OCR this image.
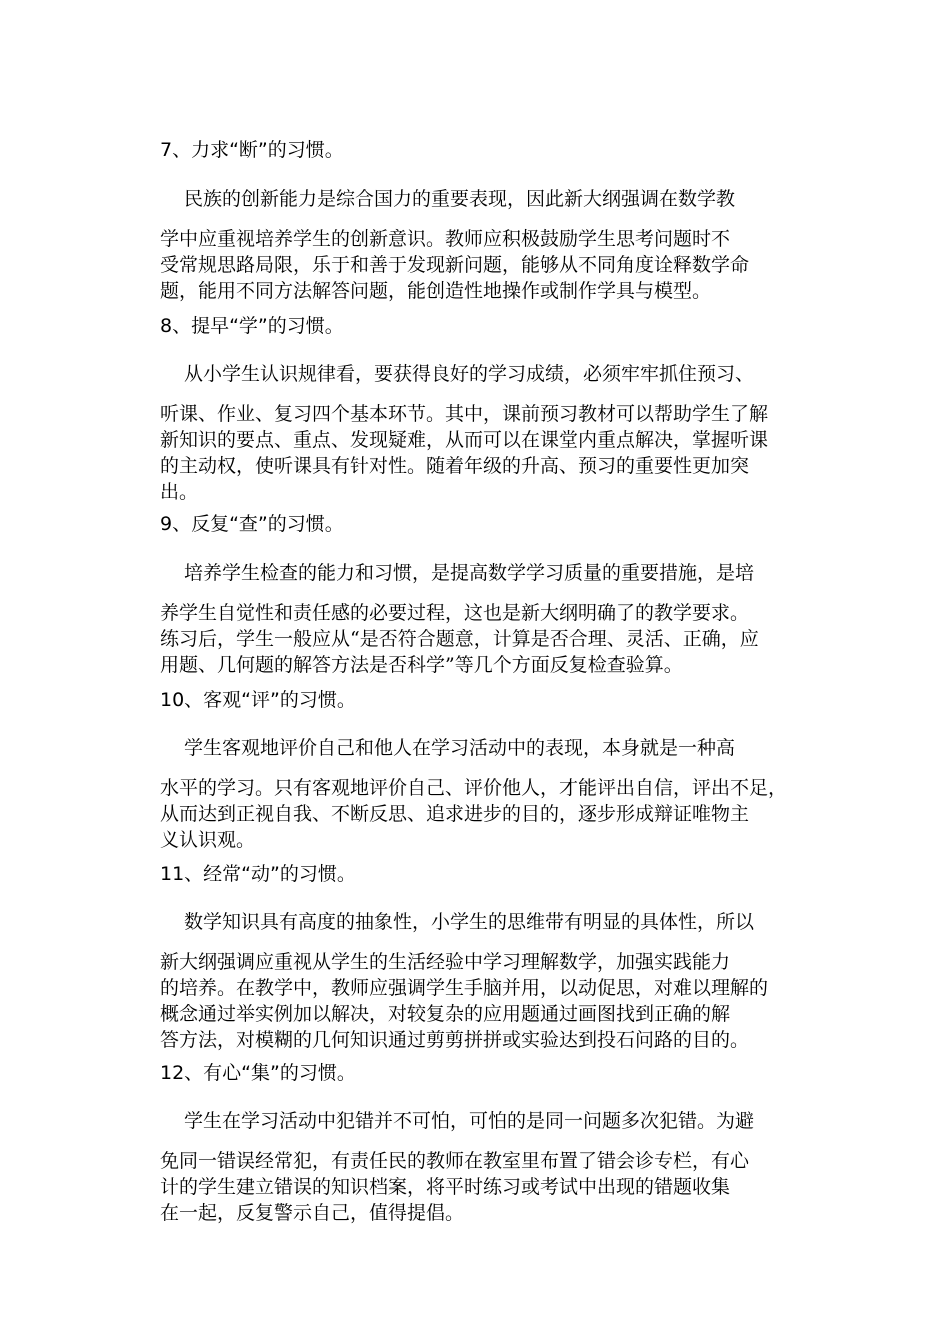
7、力求“断”的习惯。
民族的创新能力是综合国力的重要表现，因此新大纲强调在数学教
学中应重视培养学生的创新意识。教师应积极鼓励学生思考问题时不
受常规思路局限，乐于和善于发现新问题，能够从不同角度诠释数学命
题，能用不同方法解答问题，能创造性地操作或制作学具与模型。
8、提早“学”的习惯。
从小学生认识规律看，要获得良好的学习成绩，必须牢牢抓住预习、
听课、作业、复习四个基本环节。其中，课前预习教材可以帮助学生了解
新知识的要点、重点、发现疑难，从而可以在课堂内重点解决，掌握听课
的主动权，使听课具有针对性。随着年级的升高、预习的重要性更加突
出。
9、反复“查”的习惯。
培养学生检查的能力和习惯，是提高数学学习质量的重要措施，是培
养学生自觉性和责任感的必要过程，这也是新大纲明确了的教学要求。
练习后，学生一般应从“是否符合题意，计算是否合理、灵活、正确，应
用题、几何题的解答方法是否科学”等几个方面反复检查验算。
10、客观“评”的习惯。
学生客观地评价自己和他人在学习活动中的表现，本身就是一种高
水平的学习。只有客观地评价自己、评价他人，才能评出自信，评出不足，
从而达到正视自我、不断反思、追求进步的目的，逐步形成辩证唯物主
义认识观。
11、经常“动”的习惯。
数学知识具有高度的抽象性，小学生的思维带有明显的具体性，所以
新大纲强调应重视从学生的生活经验中学习理解数学，加强实践能力
的培养。在教学中，教师应强调学生手脑并用，以动促思，对难以理解的
概念通过举实例加以解决，对较复杂的应用题通过画图找到正确的解
答方法，对模糊的几何知识通过剪剪拼拼或实验达到投石问路的目的。
12、有心“集”的习惯。
学生在学习活动中犯错并不可怕，可怕的是同一问题多次犯错。为避
免同一错误经常犯，有责任民的教师在教室里布置了错会诊专栏，有心
计的学生建立错误的知识档案，将平时练习或考试中出现的错题收集
在一起，反复警示自己，值得提倡。
